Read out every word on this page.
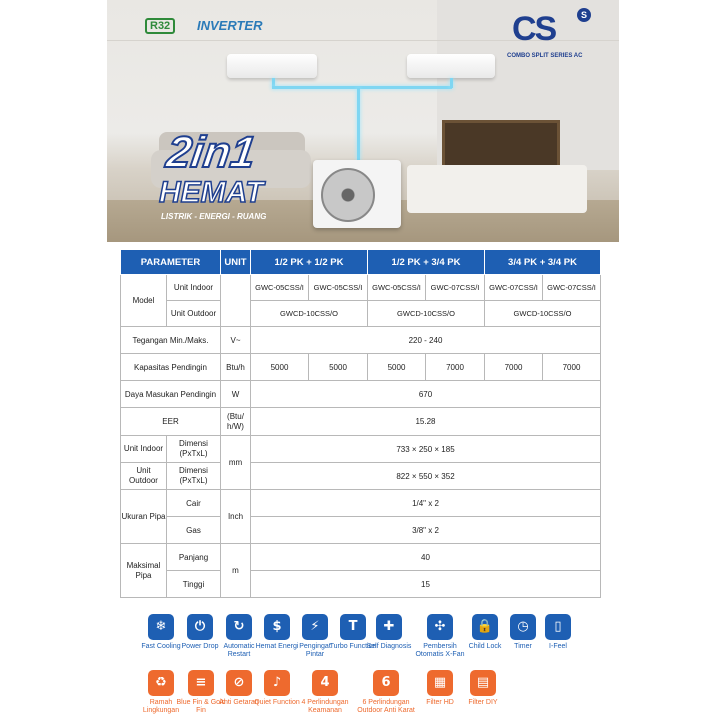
R32	INVERTER	CS	S
COMBO SPLIT SERIES AC
2in1
HEMAT
LISTRIK - ENERGI - RUANG
PARAMETER		UNIT	1/2 PK + 1/2 PK		1/2 PK + 3/4 PK		3/4 PK + 3/4 PK	
Model	Unit Indoor		GWC-05CSS/I	GWC-05CSS/I	GWC-05CSS/I	GWC-07CSS/I	GWC-07CSS/I	GWC-07CSS/I
	Unit Outdoor		GWCD-10CSS/O		GWCD-10CSS/O		GWCD-10CSS/O	
Tegangan Min./Maks.		V~	220 - 240					
Kapasitas Pendingin		Btu/h	5000	5000	5000	7000	7000	7000
Daya Masukan Pendingin		W	670					
EER		(Btu/ h/W)	15.28					
Unit Indoor	Dimensi (PxTxL)	mm	733 × 250 × 185					
Unit Outdoor	Dimensi (PxTxL)		822 × 550 × 352					
Ukuran Pipa	Cair	Inch	1/4" x 2					
	Gas		3/8" x 2					
Maksimal Pipa	Panjang	m	40					
	Tinggi		15					
❄
Fast Cooling
⏻
Power Drop
↻
Automatic Restart
$
Hemat Energi
⚡
Pengingat Pintar
T
Turbo Function
✚
Self Diagnosis
✣
Pembersih Otomatis X-Fan
🔒
Child Lock
◷
Timer
▯
I-Feel
♻
Ramah Lingkungan
≡
Blue Fin & Gold Fin
⊘
Anti Getaran
♪
Quiet Function
4
4 Perlindungan Keamanan
6
6 Perlindungan Outdoor Anti Karat
▦
Filter HD
▤
Filter DIY
